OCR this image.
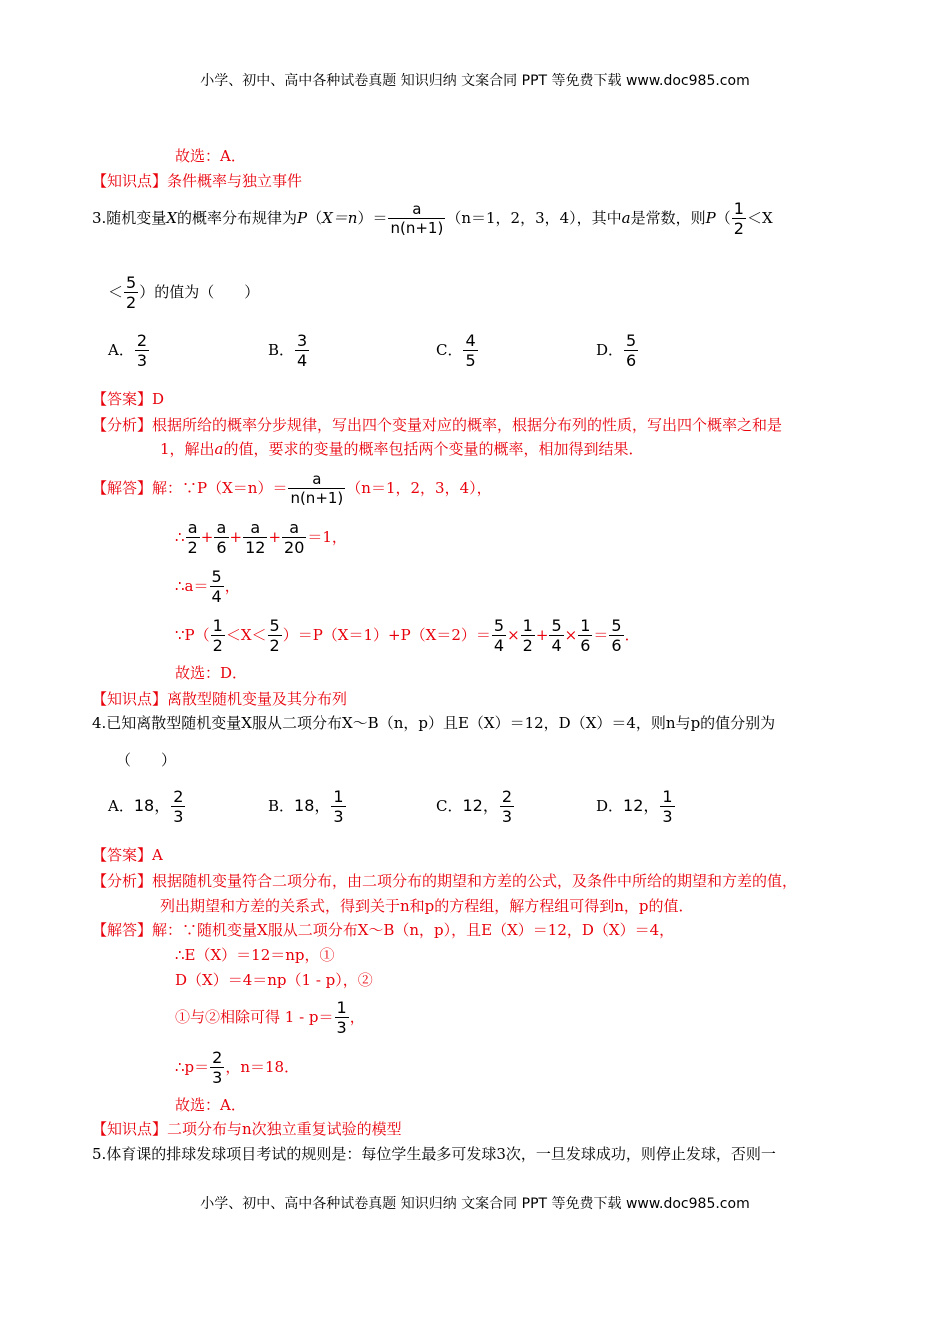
小学、初中、高中各种试卷真题 知识归纳 文案合同 PPT 等免费下载 www.doc985.com
故选：A．
【知识点】条件概率与独立事件
3.随机变量X的概率分布规律为$P(X=n)= \frac{a}{n(n+1)} (n=1$，2，3，4），其中a是常数，则$P( \frac{1}{2} <X$
＜ $\frac{5}{2}$ ）的值为（　　）
A． $\frac{2}{3}$	B． $\frac{3}{4}$	C． $\frac{4}{5}$	D． $\frac{5}{6}$
【答案】D
【分析】根据所给的概率分步规律，写出四个变量对应的概率，根据分布列的性质，写出四个概率之和是
1，解出a的值，要求的变量的概率包括两个变量的概率，相加得到结果．
【解答】解：∵P（X＝n）＝ $\frac{a}{n(n+1)} (n=1$，2，3，4），
∴ $\frac{a}{2} + \frac{a}{6} + \frac{a}{12} + \frac{a}{20} =1$，
∴a＝ $\frac{5}{4}$ ，
∵P（ $\frac{1}{2} <X< \frac{5}{2} )=P(X=1)+P(X=2)= \frac{5}{4} \times \frac{1}{2} + \frac{5}{4} \times \frac{1}{6} = \frac{5}{6}$ ．
故选：D．
【知识点】离散型随机变量及其分布列
4.已知离散型随机变量X服从二项分布X～B（n，p）且E（X）＝12，D（X）＝4，则n与p的值分别为
（　　）
A．18， $\frac{2}{3}$	B．18， $\frac{1}{3}$	C．12， $\frac{2}{3}$	D．12， $\frac{1}{3}$
【答案】A
【分析】根据随机变量符合二项分布，由二项分布的期望和方差的公式，及条件中所给的期望和方差的值，
列出期望和方差的关系式，得到关于n和p的方程组，解方程组可得到n，p的值．
【解答】解：∵随机变量X服从二项分布X～B（n，p），且E（X）＝12，D（X）＝4，
∴E（X）＝12＝np，①
D（X）＝4＝np（1 - p），②
①与②相除可得 $1 - p= \frac{1}{3}$ ，
∴p＝ $\frac{2}{3}$ ，n＝18．
故选：A．
【知识点】二项分布与n次独立重复试验的模型
5.体育课的排球发球项目考试的规则是：每位学生最多可发球3次，一旦发球成功，则停止发球，否则一
小学、初中、高中各种试卷真题 知识归纳 文案合同 PPT 等免费下载 www.doc985.com
